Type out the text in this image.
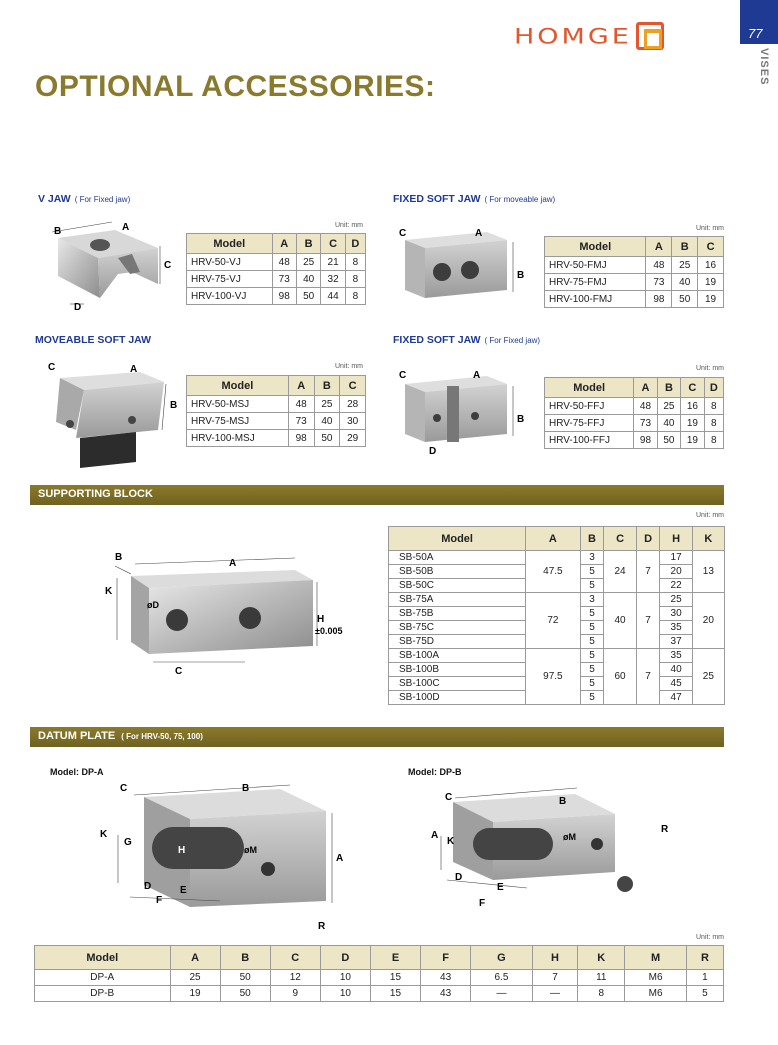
HOMGE	77
VISES
OPTIONAL ACCESSORIES:
V JAW ( For Fixed jaw)
B	A
C
D
Unit: mm
Model	A	B	C	D
HRV-50-VJ	48	25	21	8
HRV-75-VJ	73	40	32	8
HRV-100-VJ	98	50	44	8
FIXED SOFT JAW ( For moveable jaw)
C	A
B
Unit: mm
Model	A	B	C
HRV-50-FMJ	48	25	16
HRV-75-FMJ	73	40	19
HRV-100-FMJ	98	50	19
MOVEABLE SOFT JAW
C	A
B
Unit: mm
Model	A	B	C
HRV-50-MSJ	48	25	28
HRV-75-MSJ	73	40	30
HRV-100-MSJ	98	50	29
FIXED SOFT JAW ( For Fixed jaw)
C	A
B
D
Unit: mm
Model	A	B	C	D
HRV-50-FFJ	48	25	16	8
HRV-75-FFJ	73	40	19	8
HRV-100-FFJ	98	50	19	8
SUPPORTING BLOCK
B
A
K
øD
H
±0.005
C
Unit: mm
Model	A	B	C	D	H	K
SB-50A	47.5	3	24	7	17	13
SB-50B		5			20	
SB-50C		5			22	
SB-75A	72	3	40	7	25	20
SB-75B		5			30	
SB-75C		5			35	
SB-75D		5			37	
SB-100A	97.5	5	60	7	35	25
SB-100B		5			40	
SB-100C		5			45	
SB-100D		5			47	
DATUM PLATE ( For HRV-50, 75, 100)
Model: DP-A	Model: DP-B
C	B
K
G
H	øM
A
D	E
F
R
C	B
A
K	øM
R
D
E
F
Unit: mm
Model	A	B	C	D	E	F	G	H	K	M	R
DP-A	25	50	12	10	15	43	6.5	7	11	M6	1
DP-B	19	50	9	10	15	43	—	—	8	M6	5
